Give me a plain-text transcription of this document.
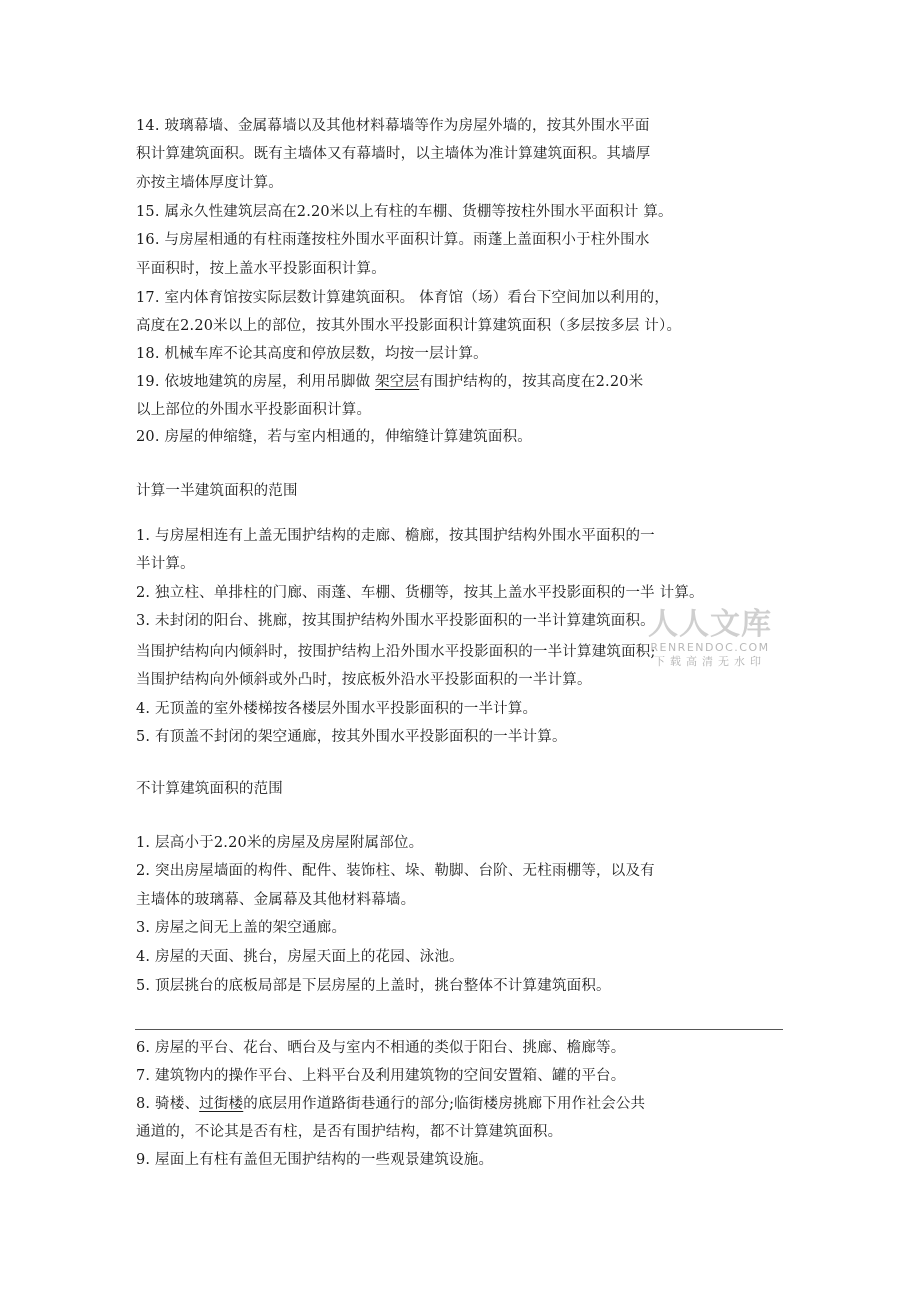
14. 玻璃幕墙、金属幕墙以及其他材料幕墙等作为房屋外墙的，按其外围水平面
积计算建筑面积。既有主墙体又有幕墙时，以主墙体为准计算建筑面积。其墙厚
亦按主墙体厚度计算。
15. 属永久性建筑层高在2.20米以上有柱的车棚、货棚等按柱外围水平面积计 算。
16. 与房屋相通的有柱雨蓬按柱外围水平面积计算。雨蓬上盖面积小于柱外围水
平面积时，按上盖水平投影面积计算。
17. 室内体育馆按实际层数计算建筑面积。 体育馆（场）看台下空间加以利用的，
高度在2.20米以上的部位，按其外围水平投影面积计算建筑面积（多层按多层 计）。
18. 机械车库不论其高度和停放层数，均按一层计算。
19. 依坡地建筑的房屋，利用吊脚做 架空层有围护结构的，按其高度在2.20米
以上部位的外围水平投影面积计算。
20. 房屋的伸缩缝，若与室内相通的，伸缩缝计算建筑面积。
计算一半建筑面积的范围
1. 与房屋相连有上盖无围护结构的走廊、檐廊，按其围护结构外围水平面积的一
半计算。
2. 独立柱、单排柱的门廊、雨蓬、车棚、货棚等，按其上盖水平投影面积的一半 计算。
3. 未封闭的阳台、挑廊，按其围护结构外围水平投影面积的一半计算建筑面积。
当围护结构向内倾斜时，按围护结构上沿外围水平投影面积的一半计算建筑面积;
当围护结构向外倾斜或外凸时，按底板外沿水平投影面积的一半计算。
4. 无顶盖的室外楼梯按各楼层外围水平投影面积的一半计算。
5. 有顶盖不封闭的架空通廊，按其外围水平投影面积的一半计算。
人人文库
RENRENDOC.COM
下载高清无水印
不计算建筑面积的范围
1. 层高小于2.20米的房屋及房屋附属部位。
2. 突出房屋墙面的构件、配件、装饰柱、垛、勒脚、台阶、无柱雨棚等，以及有
主墙体的玻璃幕、金属幕及其他材料幕墙。
3. 房屋之间无上盖的架空通廊。
4. 房屋的天面、挑台，房屋天面上的花园、泳池。
5. 顶层挑台的底板局部是下层房屋的上盖时，挑台整体不计算建筑面积。
6. 房屋的平台、花台、晒台及与室内不相通的类似于阳台、挑廊、檐廊等。
7. 建筑物内的操作平台、上料平台及利用建筑物的空间安置箱、罐的平台。
8. 骑楼、过街楼的底层用作道路街巷通行的部分;临街楼房挑廊下用作社会公共
通道的，不论其是否有柱，是否有围护结构，都不计算建筑面积。
9. 屋面上有柱有盖但无围护结构的一些观景建筑设施。
